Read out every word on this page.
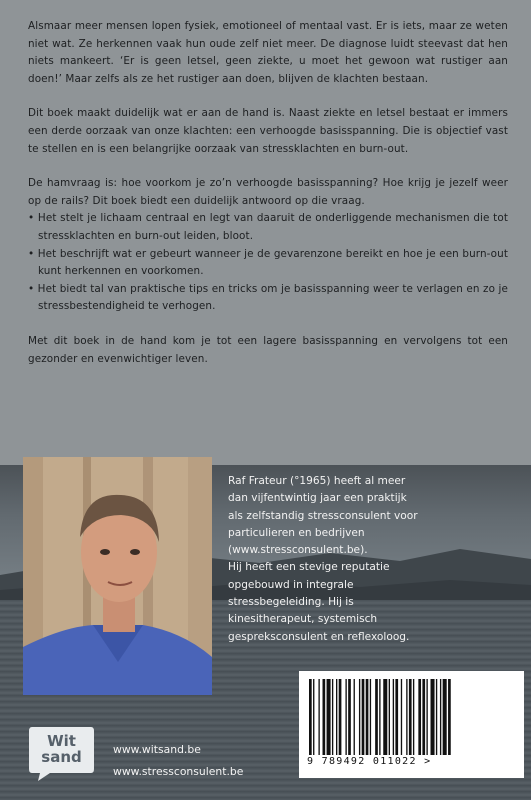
Alsmaar meer mensen lopen fysiek, emotioneel of mentaal vast. Er is iets, maar ze weten niet wat. Ze herkennen vaak hun oude zelf niet meer. De diagnose luidt steevast dat hen niets mankeert. ‘Er is geen letsel, geen ziekte, u moet het gewoon wat rustiger aan doen!’ Maar zelfs als ze het rustiger aan doen, blijven de klachten bestaan.

Dit boek maakt duidelijk wat er aan de hand is. Naast ziekte en letsel bestaat er immers een derde oorzaak van onze klachten: een verhoogde basisspanning. Die is objectief vast te stellen en is een belangrijke oorzaak van stressklachten en burn-out.

De hamvraag is: hoe voorkom je zo’n verhoogde basisspanning? Hoe krijg je jezelf weer op de rails? Dit boek biedt een duidelijk antwoord op die vraag.
• Het stelt je lichaam centraal en legt van daaruit de onderliggende mechanismen die tot stressklachten en burn-out leiden, bloot.
• Het beschrijft wat er gebeurt wanneer je de gevarenzone bereikt en hoe je een burn-out kunt herkennen en voorkomen.
• Het biedt tal van praktische tips en tricks om je basisspanning weer te verlagen en zo je stressbestendigheid te verhogen.

Met dit boek in de hand kom je tot een lagere basisspanning en vervolgens tot een gezonder en evenwichtiger leven.

Raf Frateur (°1965) heeft al meer
dan vijfentwintig jaar een praktijk
als zelfstandig stressconsulent voor
particulieren en bedrijven
(www.stressconsulent.be).
Hij heeft een stevige reputatie
opgebouwd in integrale
stressbegeleiding. Hij is
kinesitherapeut, systemisch
gespreksconsulent en reflexoloog.
9 789492 011022 >
Wit
sand	www.witsand.be
www.stressconsulent.be
